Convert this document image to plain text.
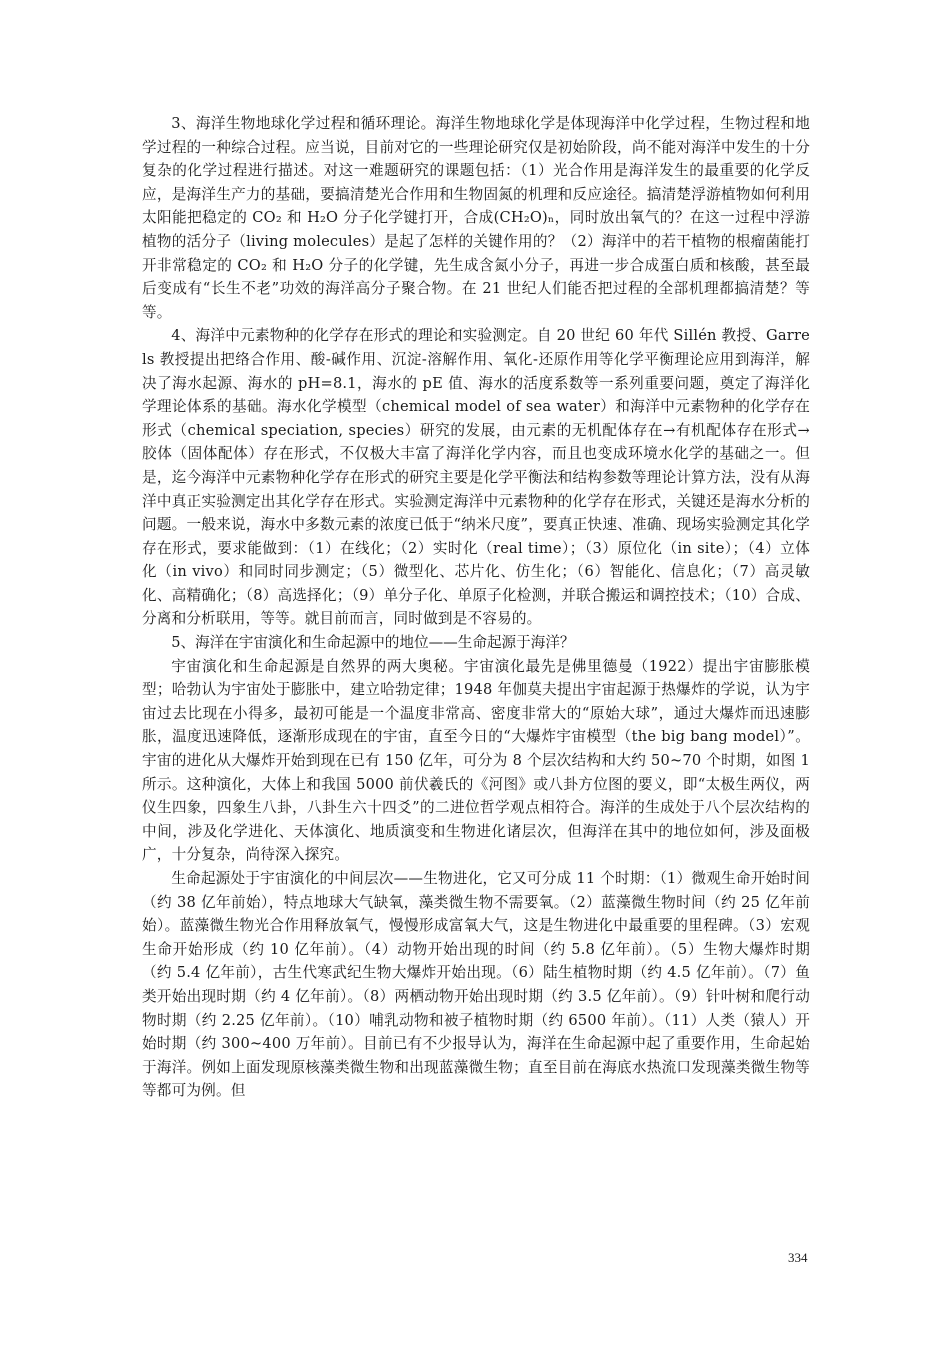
3、海洋生物地球化学过程和循环理论。海洋生物地球化学是体现海洋中化学过程，生物过程和地学过程的一种综合过程。应当说，目前对它的一些理论研究仅是初始阶段，尚不能对海洋中发生的十分复杂的化学过程进行描述。对这一难题研究的课题包括：（1）光合作用是海洋发生的最重要的化学反应，是海洋生产力的基础，要搞清楚光合作用和生物固氮的机理和反应途径。搞清楚浮游植物如何利用太阳能把稳定的 CO₂ 和 H₂O 分子化学键打开，合成(CH₂O)ₙ，同时放出氧气的？在这一过程中浮游植物的活分子（living molecules）是起了怎样的关键作用的？（2）海洋中的若干植物的根瘤菌能打开非常稳定的 CO₂ 和 H₂O 分子的化学键，先生成含氮小分子，再进一步合成蛋白质和核酸，甚至最后变成有“长生不老”功效的海洋高分子聚合物。在 21 世纪人们能否把过程的全部机理都搞清楚？等等。

4、海洋中元素物种的化学存在形式的理论和实验测定。自 20 世纪 60 年代 Sillén 教授、Garrels 教授提出把络合作用、酸-碱作用、沉淀-溶解作用、氧化-还原作用等化学平衡理论应用到海洋，解决了海水起源、海水的 pH=8.1，海水的 pE 值、海水的活度系数等一系列重要问题，奠定了海洋化学理论体系的基础。海水化学模型（chemical model of sea water）和海洋中元素物种的化学存在形式（chemical speciation, species）研究的发展，由元素的无机配体存在→有机配体存在形式→胶体（固体配体）存在形式，不仅极大丰富了海洋化学内容，而且也变成环境水化学的基础之一。但是，迄今海洋中元素物种化学存在形式的研究主要是化学平衡法和结构参数等理论计算方法，没有从海洋中真正实验测定出其化学存在形式。实验测定海洋中元素物种的化学存在形式，关键还是海水分析的问题。一般来说，海水中多数元素的浓度已低于“纳米尺度”，要真正快速、准确、现场实验测定其化学存在形式，要求能做到：（1）在线化；（2）实时化（real time）；（3）原位化（in site）；（4）立体化（in vivo）和同时同步测定；（5）微型化、芯片化、仿生化；（6）智能化、信息化；（7）高灵敏化、高精确化；（8）高选择化；（9）单分子化、单原子化检测，并联合搬运和调控技术；（10）合成、分离和分析联用，等等。就目前而言，同时做到是不容易的。

5、海洋在宇宙演化和生命起源中的地位——生命起源于海洋？

宇宙演化和生命起源是自然界的两大奥秘。宇宙演化最先是佛里德曼（1922）提出宇宙膨胀模型；哈勃认为宇宙处于膨胀中，建立哈勃定律；1948 年伽莫夫提出宇宙起源于热爆炸的学说，认为宇宙过去比现在小得多，最初可能是一个温度非常高、密度非常大的“原始大球”，通过大爆炸而迅速膨胀，温度迅速降低，逐渐形成现在的宇宙，直至今日的“大爆炸宇宙模型（the big bang model）”。宇宙的进化从大爆炸开始到现在已有 150 亿年，可分为 8 个层次结构和大约 50~70 个时期，如图 1 所示。这种演化，大体上和我国 5000 前伏羲氏的《河图》或八卦方位图的要义，即“太极生两仪，两仪生四象，四象生八卦，八卦生六十四爻”的二进位哲学观点相符合。海洋的生成处于八个层次结构的中间，涉及化学进化、天体演化、地质演变和生物进化诸层次，但海洋在其中的地位如何，涉及面极广，十分复杂，尚待深入探究。

生命起源处于宇宙演化的中间层次——生物进化，它又可分成 11 个时期：（1）微观生命开始时间（约 38 亿年前始），特点地球大气缺氧，藻类微生物不需要氧。（2）蓝藻微生物时间（约 25 亿年前始）。蓝藻微生物光合作用释放氧气，慢慢形成富氧大气，这是生物进化中最重要的里程碑。（3）宏观生命开始形成（约 10 亿年前）。（4）动物开始出现的时间（约 5.8 亿年前）。（5）生物大爆炸时期（约 5.4 亿年前），古生代寒武纪生物大爆炸开始出现。（6）陆生植物时期（约 4.5 亿年前）。（7）鱼类开始出现时期（约 4 亿年前）。（8）两栖动物开始出现时期（约 3.5 亿年前）。（9）针叶树和爬行动物时期（约 2.25 亿年前）。（10）哺乳动物和被子植物时期（约 6500 年前）。（11）人类（猿人）开始时期（约 300~400 万年前）。目前已有不少报导认为，海洋在生命起源中起了重要作用，生命起始于海洋。例如上面发现原核藻类微生物和出现蓝藻微生物；直至目前在海底水热流口发现藻类微生物等等都可为例。但

334
